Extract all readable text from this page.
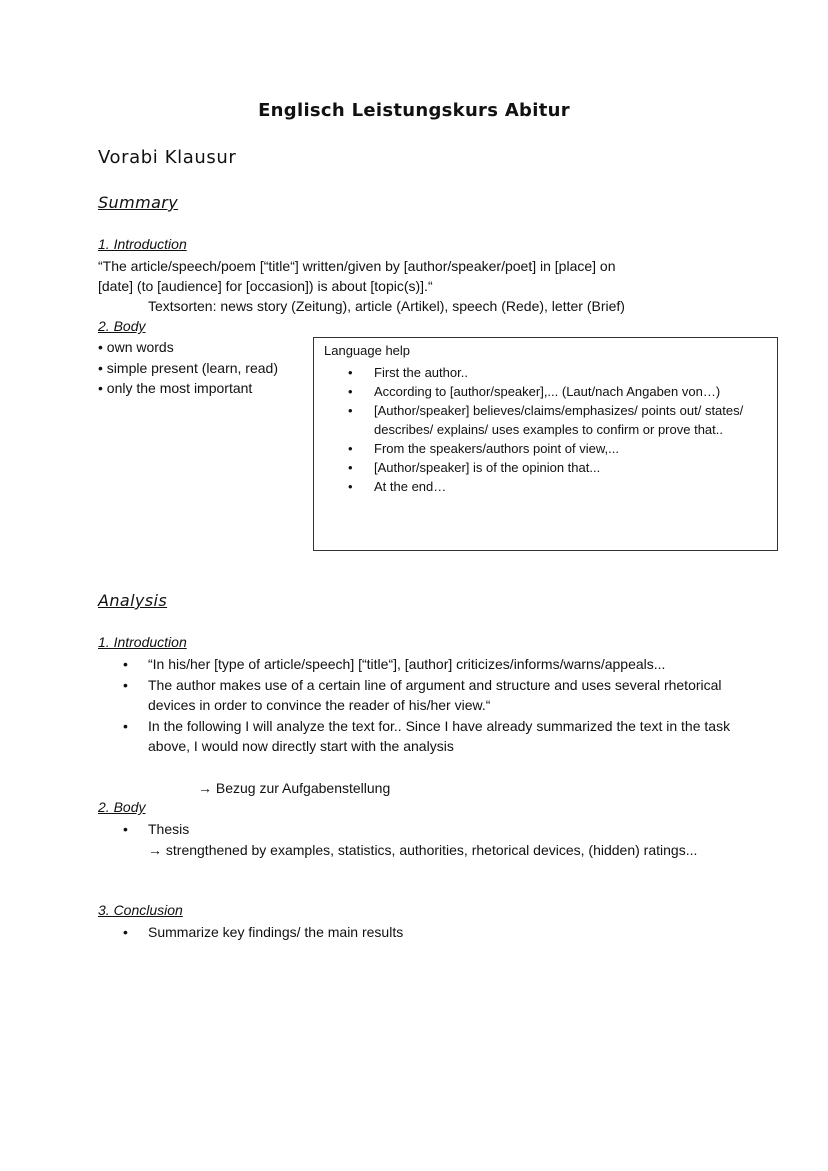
Englisch Leistungskurs Abitur
Vorabi Klausur
Summary
1. Introduction
“The article/speech/poem [“title“] written/given by [author/speaker/poet] in [place] on
[date] (to [audience] for [occasion]) is about [topic(s)].“
Textsorten: news story (Zeitung), article (Artikel), speech (Rede), letter (Brief)
2. Body
• own words
• simple present (learn, read)
• only the most important
Language help
• First the author..
• According to [author/speaker],... (Laut/nach Angaben von…)
• [Author/speaker] believes/claims/emphasizes/ points out/ states/ describes/ explains/ uses examples to confirm or prove that..
• From the speakers/authors point of view,...
• [Author/speaker] is of the opinion that...
• At the end…
Analysis
1. Introduction
• “In his/her [type of article/speech] [“title“], [author] criticizes/informs/warns/appeals...
• The author makes use of a certain line of argument and structure and uses several rhetorical devices in order to convince the reader of his/her view.“
• In the following I will analyze the text for.. Since I have already summarized the text in the task above, I would now directly start with the analysis
→ Bezug zur Aufgabenstellung
2. Body
• Thesis
→ strengthened by examples, statistics, authorities, rhetorical devices, (hidden) ratings...
3. Conclusion
• Summarize key findings/ the main results
